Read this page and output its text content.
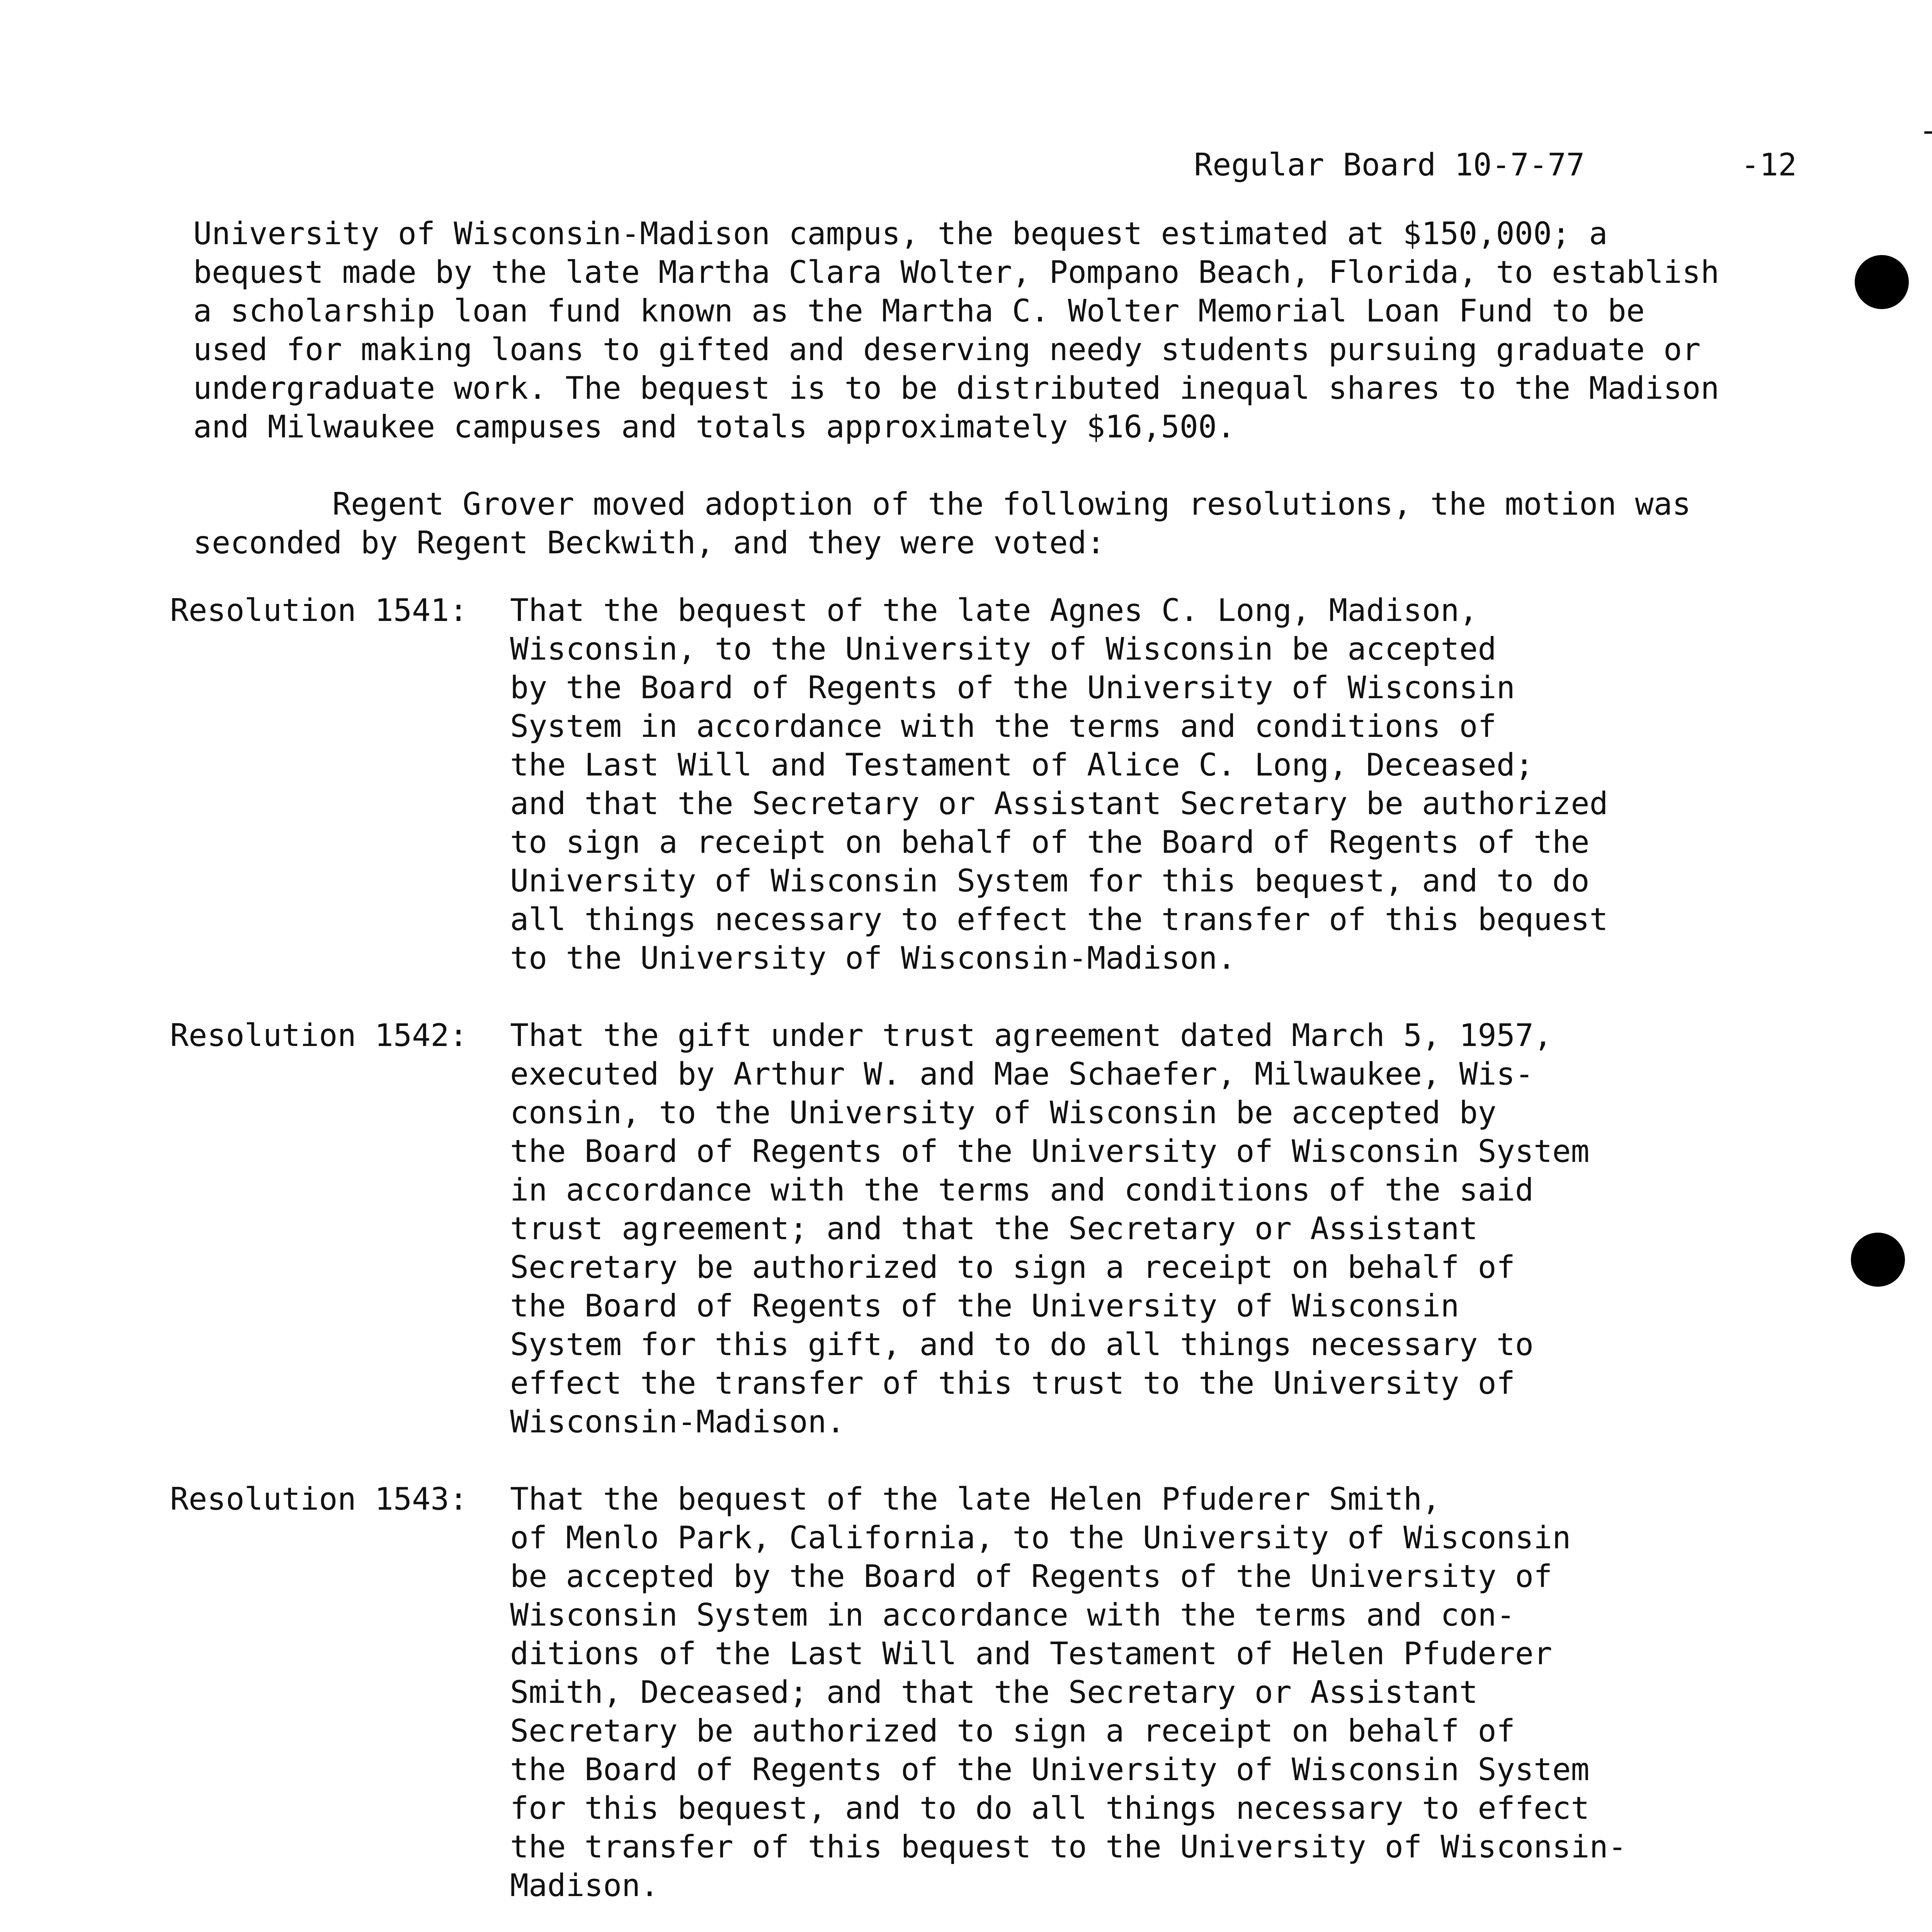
Regular Board 10-7-77	-12
University of Wisconsin-Madison campus, the bequest estimated at $150,000; a
bequest made by the late Martha Clara Wolter, Pompano Beach, Florida, to establish
a scholarship loan fund known as the Martha C. Wolter Memorial Loan Fund to be
used for making loans to gifted and deserving needy students pursuing graduate or
undergraduate work. The bequest is to be distributed inequal shares to the Madison
and Milwaukee campuses and totals approximately $16,500.
Regent Grover moved adoption of the following resolutions, the motion was
seconded by Regent Beckwith, and they were voted:
Resolution 1541: That the bequest of the late Agnes C. Long, Madison,
Wisconsin, to the University of Wisconsin be accepted
by the Board of Regents of the University of Wisconsin
System in accordance with the terms and conditions of
the Last Will and Testament of Alice C. Long, Deceased;
and that the Secretary or Assistant Secretary be authorized
to sign a receipt on behalf of the Board of Regents of the
University of Wisconsin System for this bequest, and to do
all things necessary to effect the transfer of this bequest
to the University of Wisconsin-Madison.
Resolution 1542: That the gift under trust agreement dated March 5, 1957,
executed by Arthur W. and Mae Schaefer, Milwaukee, Wis-
consin, to the University of Wisconsin be accepted by
the Board of Regents of the University of Wisconsin System
in accordance with the terms and conditions of the said
trust agreement; and that the Secretary or Assistant
Secretary be authorized to sign a receipt on behalf of
the Board of Regents of the University of Wisconsin
System for this gift, and to do all things necessary to
effect the transfer of this trust to the University of
Wisconsin-Madison.
Resolution 1543: That the bequest of the late Helen Pfuderer Smith,
of Menlo Park, California, to the University of Wisconsin
be accepted by the Board of Regents of the University of
Wisconsin System in accordance with the terms and con-
ditions of the Last Will and Testament of Helen Pfuderer
Smith, Deceased; and that the Secretary or Assistant
Secretary be authorized to sign a receipt on behalf of
the Board of Regents of the University of Wisconsin System
for this bequest, and to do all things necessary to effect
the transfer of this bequest to the University of Wisconsin-
Madison.
